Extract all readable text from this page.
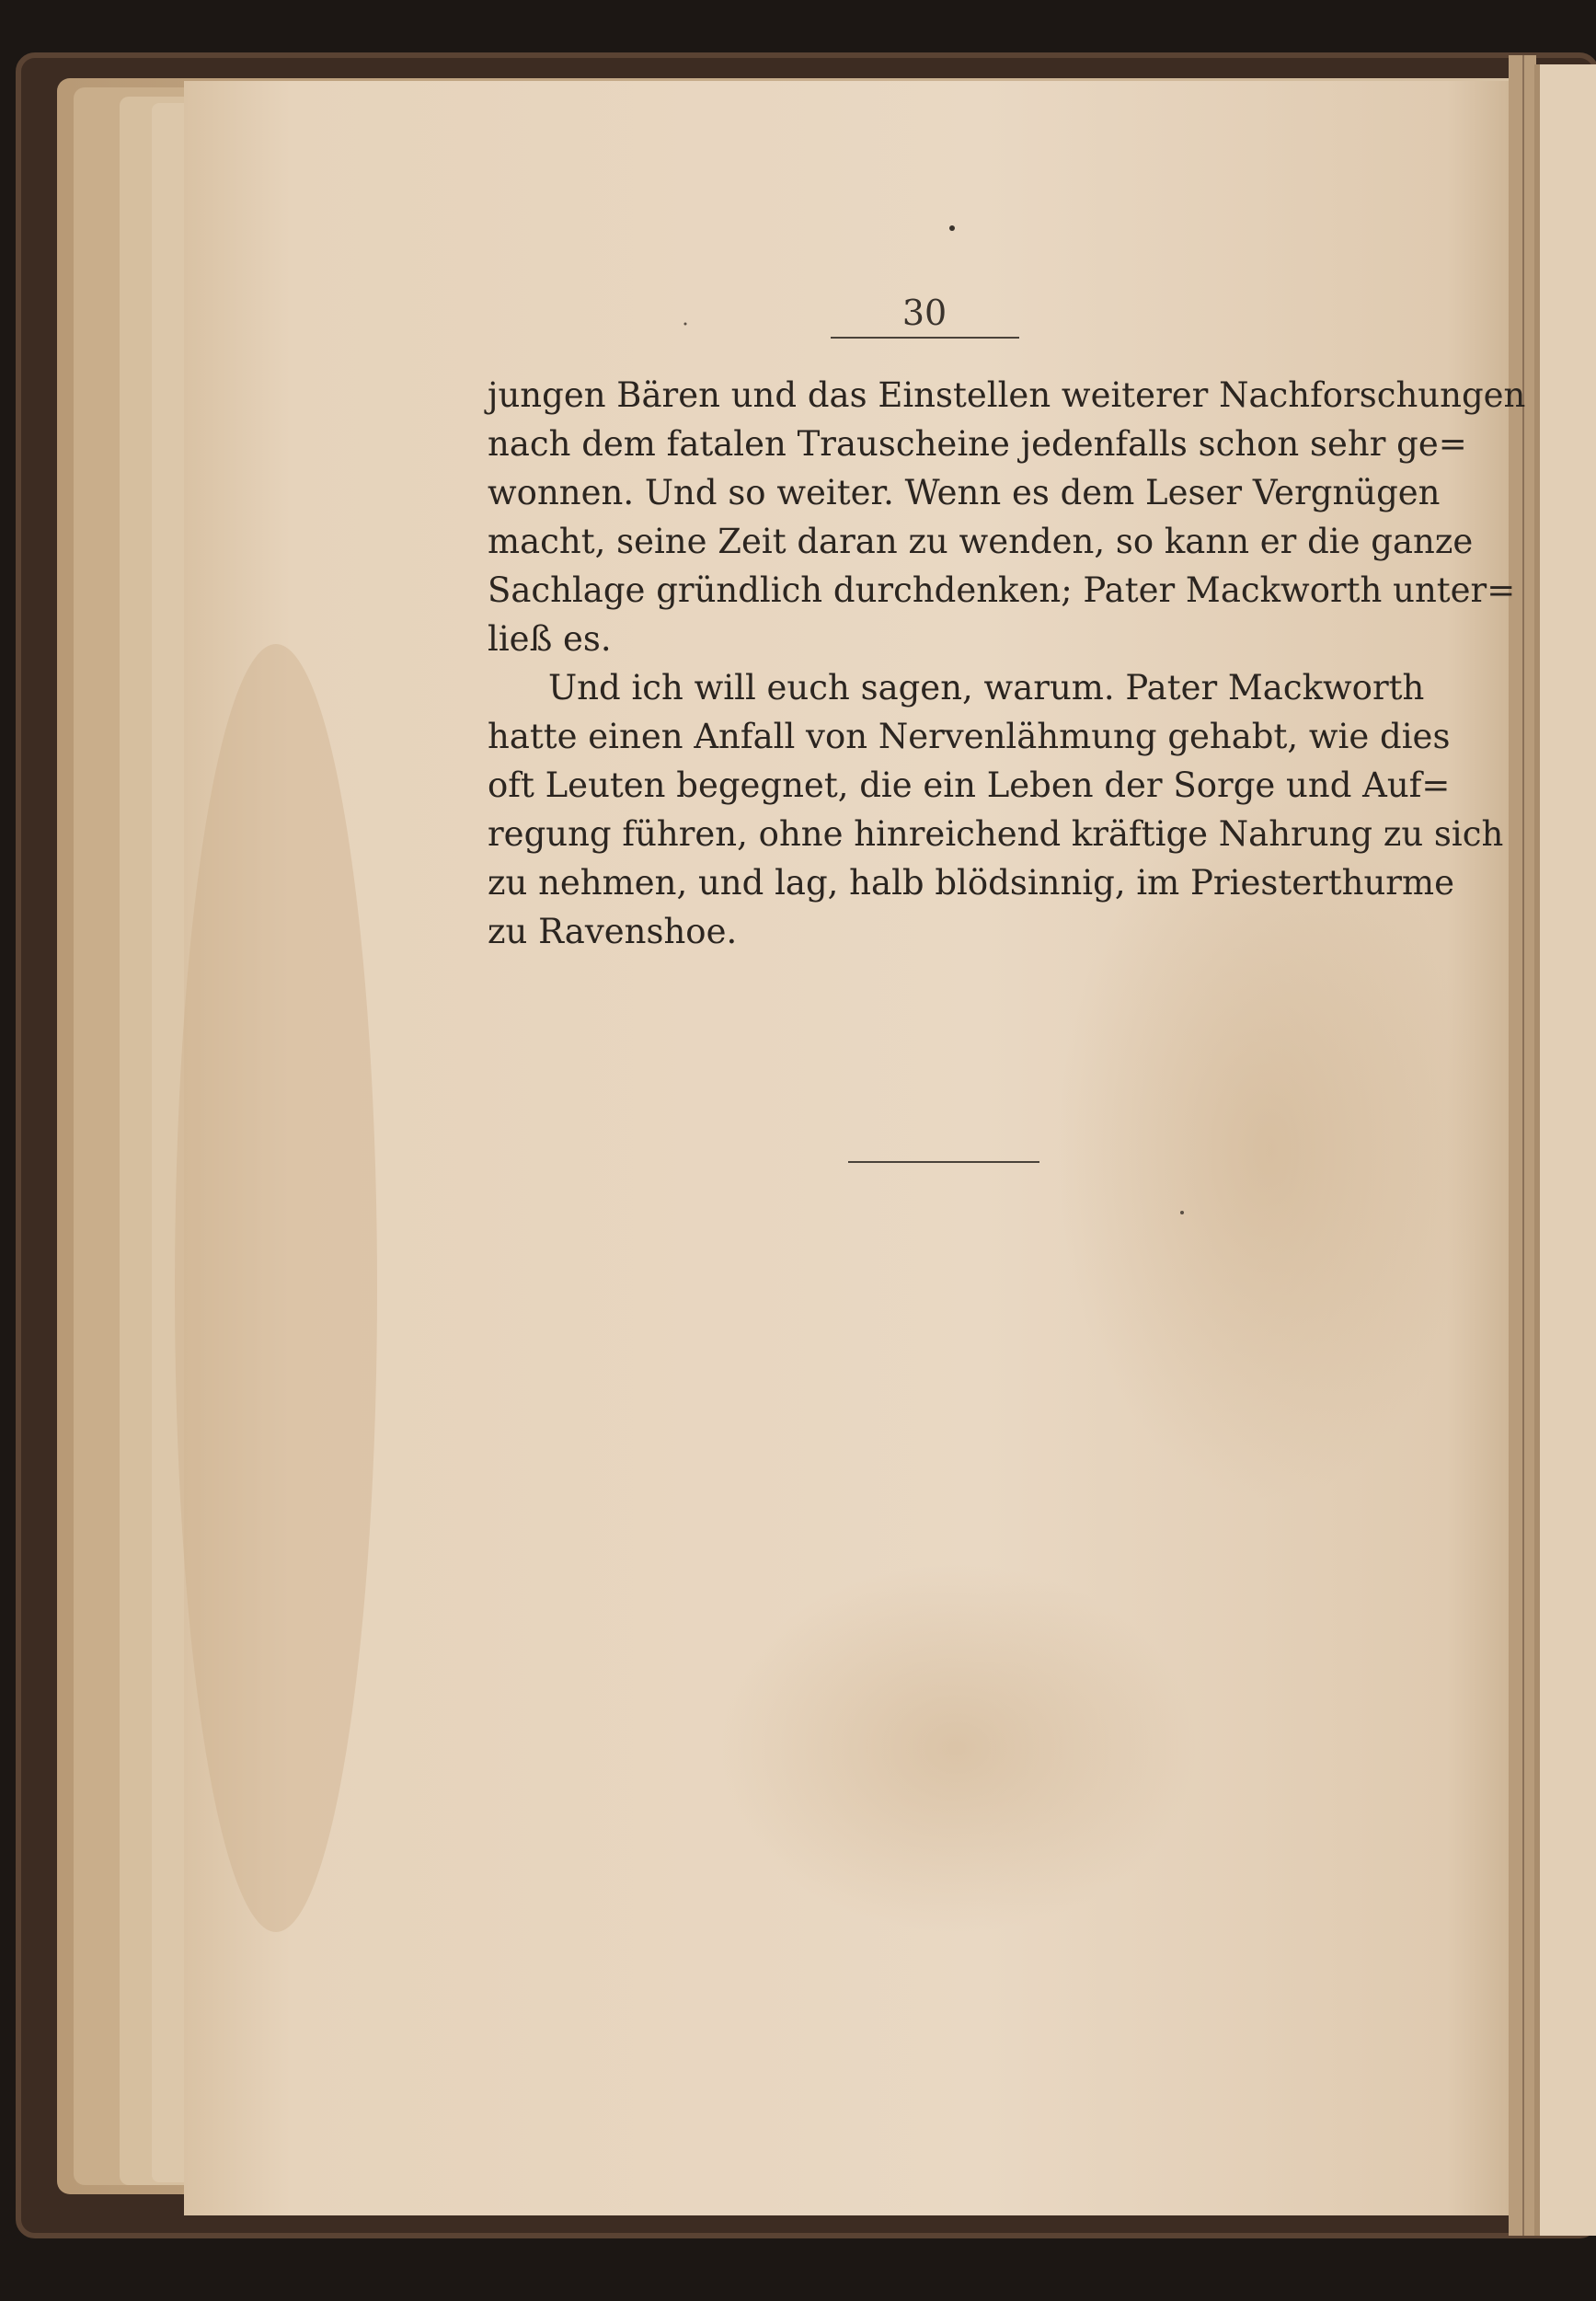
30
jungen Bären und das Einstellen weiterer Nachforschungen
nach dem fatalen Trauscheine jedenfalls schon sehr ge=
wonnen. Und so weiter. Wenn es dem Leser Vergnügen
macht, seine Zeit daran zu wenden, so kann er die ganze
Sachlage gründlich durchdenken; Pater Mackworth unter=
ließ es.
Und ich will euch sagen, warum. Pater Mackworth
hatte einen Anfall von Nervenlähmung gehabt, wie dies
oft Leuten begegnet, die ein Leben der Sorge und Auf=
regung führen, ohne hinreichend kräftige Nahrung zu sich
zu nehmen, und lag, halb blödsinnig, im Priesterthurme
zu Ravenshoe.
